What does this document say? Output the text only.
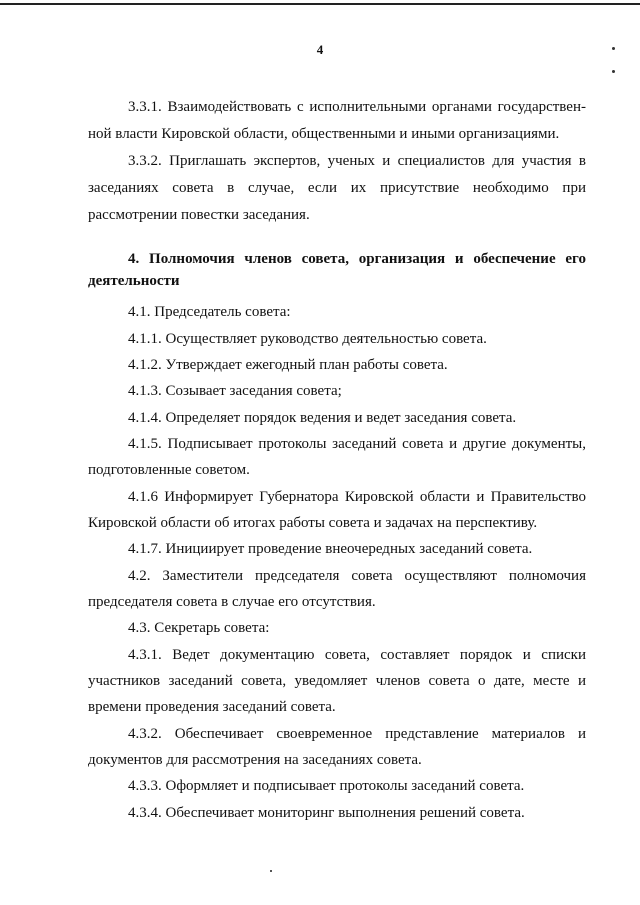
4

3.3.1. Взаимодействовать с исполнительными органами государствен-

ной власти Кировской области, общественными и иными организациями.

3.3.2. Приглашать экспертов, ученых и специалистов для участия в

заседаниях совета в случае, если их присутствие необходимо при

рассмотрении повестки заседания.

4. Полномочия членов совета, организация и обеспечение его

деятельности

4.1. Председатель совета:

4.1.1. Осуществляет руководство деятельностью совета.

4.1.2. Утверждает ежегодный план работы совета.

4.1.3. Созывает заседания совета;

4.1.4. Определяет порядок ведения и ведет заседания совета.

4.1.5. Подписывает протоколы заседаний совета и другие документы,

подготовленные советом.

4.1.6 Информирует Губернатора Кировской области и Правительство

Кировской области об итогах работы совета и задачах на перспективу.

4.1.7. Инициирует проведение внеочередных заседаний совета.

4.2. Заместители председателя совета осуществляют полномочия

председателя совета в случае его отсутствия.

4.3. Секретарь совета:

4.3.1. Ведет документацию совета, составляет порядок и списки

участников заседаний совета, уведомляет членов совета о дате, месте и

времени проведения заседаний совета.

4.3.2. Обеспечивает своевременное представление материалов и

документов для рассмотрения на заседаниях совета.

4.3.3. Оформляет и подписывает протоколы заседаний совета.

4.3.4. Обеспечивает мониторинг выполнения решений совета.
